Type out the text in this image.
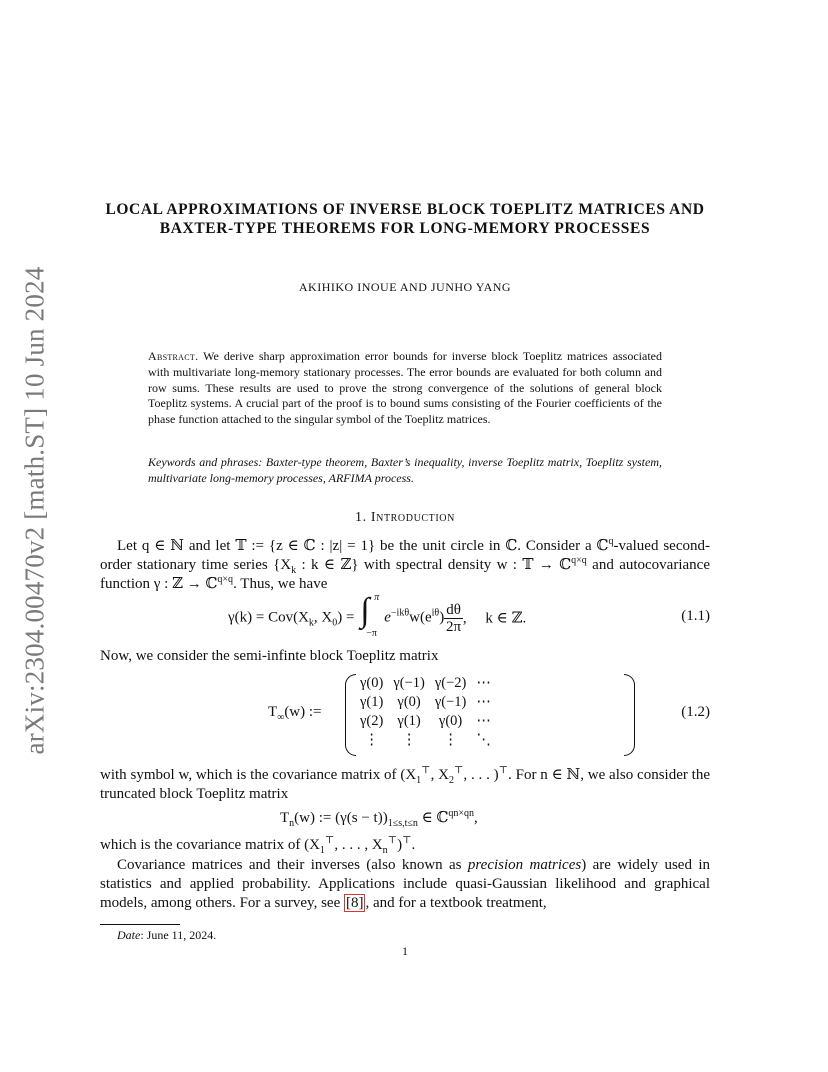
arXiv:2304.00470v2 [math.ST] 10 Jun 2024
LOCAL APPROXIMATIONS OF INVERSE BLOCK TOEPLITZ MATRICES AND BAXTER-TYPE THEOREMS FOR LONG-MEMORY PROCESSES
AKIHIKO INOUE AND JUNHO YANG
Abstract. We derive sharp approximation error bounds for inverse block Toeplitz matrices associated with multivariate long-memory stationary processes. The error bounds are evaluated for both column and row sums. These results are used to prove the strong convergence of the solutions of general block Toeplitz systems. A crucial part of the proof is to bound sums consisting of the Fourier coefficients of the phase function attached to the singular symbol of the Toeplitz matrices.
Keywords and phrases: Baxter-type theorem, Baxter’s inequality, inverse Toeplitz matrix, Toeplitz system, multivariate long-memory processes, ARFIMA process.
1. Introduction
Let q ∈ ℕ and let 𝕋 := {z ∈ ℂ : |z| = 1} be the unit circle in ℂ. Consider a ℂ$^q$-valued second-order stationary time series {$X_k$ : k ∈ ℤ} with spectral density w : 𝕋 → ℂ$^{q\times q}$ and autocovariance function γ : ℤ → ℂ$^{q\times q}$. Thus, we have
$\gamma(k) = Cov(X_k$, $X_0$) = ∫ π
−π
$e^{-ik\theta}w(e^{i\theta}) \frac{d\theta}{2\pi}$ ,     k ∈ ℤ.	(1.1)
Now, we consider the semi-infinte block Toeplitz matrix
$T_\infty(w)$ :=
γ(0)	γ(−1)	γ(−2)	⋯
γ(1)	γ(0)	γ(−1)	⋯
γ(2)	γ(1)	γ(0)	⋯
⋮	⋮	⋮	⋱
(1.2)
with symbol w, which is the covariance matrix of ($X_1^⊤$, $X_2^⊤$, . . . )⊤. For n ∈ ℕ, we also consider the truncated block Toeplitz matrix
$T_n(w)$ := $(\gamma(s - t))_{1\le s,t\le n}$ ∈ ℂ$^{qn\times qn}$,
which is the covariance matrix of ($X_1^⊤$, . . . , $X_n^⊤)^⊤$.
Covariance matrices and their inverses (also known as precision matrices) are widely used in statistics and applied probability. Applications include quasi-Gaussian likelihood and graphical models, among others. For a survey, see [8] , and for a textbook treatment,
Date: June 11, 2024.
1
